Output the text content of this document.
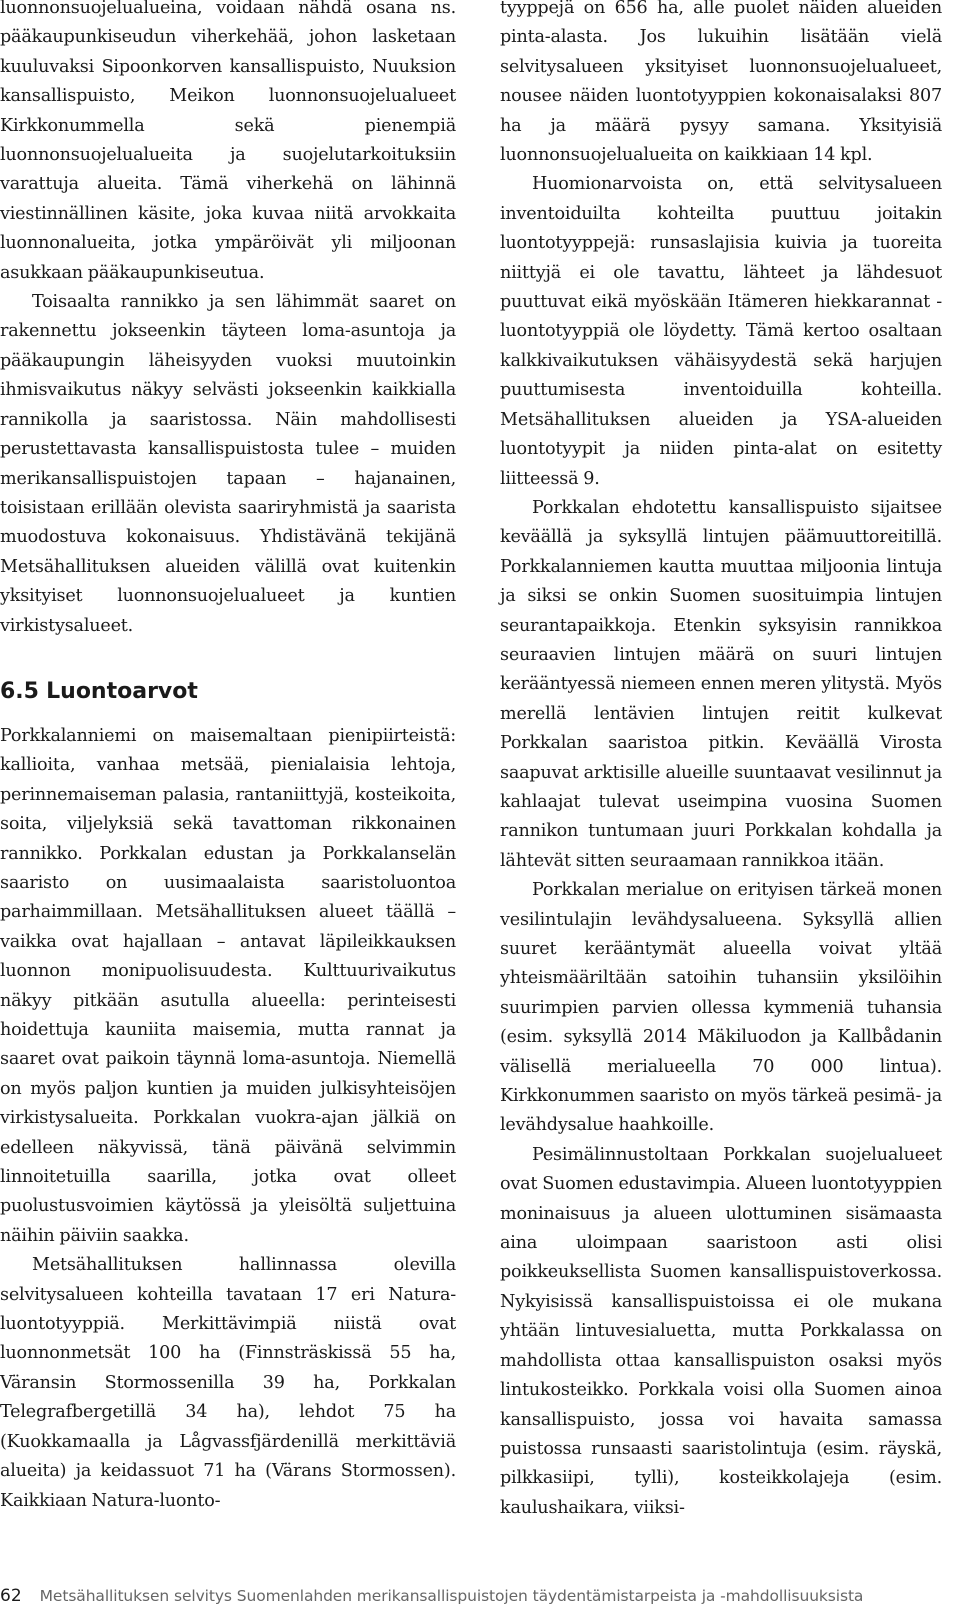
luonnonsuojelualueina, voidaan nähdä osana ns. pääkaupunkiseudun viherkehää, johon lasketaan kuuluvaksi Sipoonkorven kansallispuisto, Nuuksion kansallispuisto, Meikon luonnonsuojelualueet Kirkkonummella sekä pienempiä luonnonsuojelualueita ja suojelutarkoituksiin varattuja alueita. Tämä viherkehä on lähinnä viestinnällinen käsite, joka kuvaa niitä arvokkaita luonnonalueita, jotka ympäröivät yli miljoonan asukkaan pääkaupunkiseutua.

Toisaalta rannikko ja sen lähimmät saaret on rakennettu jokseenkin täyteen loma-asuntoja ja pääkaupungin läheisyyden vuoksi muutoinkin ihmisvaikutus näkyy selvästi jokseenkin kaikkialla rannikolla ja saaristossa. Näin mahdollisesti perustettavasta kansallispuistosta tulee – muiden merikansallispuistojen tapaan – hajanainen, toisistaan erillään olevista saariryhmistä ja saarista muodostuva kokonaisuus. Yhdistävänä tekijänä Metsähallituksen alueiden välillä ovat kuitenkin yksityiset luonnonsuojelualueet ja kuntien virkistysalueet.

6.5 Luontoarvot

Porkkalanniemi on maisemaltaan pienipiirteistä: kallioita, vanhaa metsää, pienialaisia lehtoja, perinnemaiseman palasia, rantaniittyjä, kosteikoita, soita, viljelyksiä sekä tavattoman rikkonainen rannikko. Porkkalan edustan ja Porkkalanselän saaristo on uusimaalaista saaristoluontoa parhaimmillaan. Metsähallituksen alueet täällä – vaikka ovat hajallaan – antavat läpileikkauksen luonnon monipuolisuudesta. Kulttuurivaikutus näkyy pitkään asutulla alueella: perinteisesti hoidettuja kauniita maisemia, mutta rannat ja saaret ovat paikoin täynnä loma-asuntoja. Niemellä on myös paljon kuntien ja muiden julkisyhteisöjen virkistysalueita. Porkkalan vuokra-ajan jälkiä on edelleen näkyvissä, tänä päivänä selvimmin linnoitetuilla saarilla, jotka ovat olleet puolustusvoimien käytössä ja yleisöltä suljettuina näihin päiviin saakka.

Metsähallituksen hallinnassa olevilla selvitysalueen kohteilla tavataan 17 eri Natura-luontotyyppiä. Merkittävimpiä niistä ovat luonnonmetsät 100 ha (Finnsträskissä 55 ha, Väransin Stormossenilla 39 ha, Porkkalan Telegrafbergetillä 34 ha), lehdot 75 ha (Kuokkamaalla ja Lågvassfjärdenillä merkittäviä alueita) ja keidassuot 71 ha (Värans Stormossen). Kaikkiaan Natura-luonto-

tyyppejä on 656 ha, alle puolet näiden alueiden pinta-alasta. Jos lukuihin lisätään vielä selvitysalueen yksityiset luonnonsuojelualueet, nousee näiden luontotyyppien kokonaisalaksi 807 ha ja määrä pysyy samana. Yksityisiä luonnonsuojelualueita on kaikkiaan 14 kpl.

Huomionarvoista on, että selvitysalueen inventoiduilta kohteilta puuttuu joitakin luontotyyppejä: runsaslajisia kuivia ja tuoreita niittyjä ei ole tavattu, lähteet ja lähdesuot puuttuvat eikä myöskään Itämeren hiekkarannat -luontotyyppiä ole löydetty. Tämä kertoo osaltaan kalkkivaikutuksen vähäisyydestä sekä harjujen puuttumisesta inventoiduilla kohteilla. Metsähallituksen alueiden ja YSA-alueiden luontotyypit ja niiden pinta-alat on esitetty liitteessä 9.

Porkkalan ehdotettu kansallispuisto sijaitsee keväällä ja syksyllä lintujen päämuuttoreitillä. Porkkalanniemen kautta muuttaa miljoonia lintuja ja siksi se onkin Suomen suosituimpia lintujen seurantapaikkoja. Etenkin syksyisin rannikkoa seuraavien lintujen määrä on suuri lintujen kerääntyessä niemeen ennen meren ylitystä. Myös merellä lentävien lintujen reitit kulkevat Porkkalan saaristoa pitkin. Keväällä Virosta saapuvat arktisille alueille suuntaavat vesilinnut ja kahlaajat tulevat useimpina vuosina Suomen rannikon tuntumaan juuri Porkkalan kohdalla ja lähtevät sitten seuraamaan rannikkoa itään.

Porkkalan merialue on erityisen tärkeä monen vesilintulajin levähdysalueena. Syksyllä allien suuret kerääntymät alueella voivat yltää yhteismääriltään satoihin tuhansiin yksilöihin suurimpien parvien ollessa kymmeniä tuhansia (esim. syksyllä 2014 Mäkiluodon ja Kallbådanin välisellä merialueella 70 000 lintua). Kirkkonummen saaristo on myös tärkeä pesimä- ja levähdysalue haahkoille.

Pesimälinnustoltaan Porkkalan suojelualueet ovat Suomen edustavimpia. Alueen luontotyyppien moninaisuus ja alueen ulottuminen sisämaasta aina uloimpaan saaristoon asti olisi poikkeuksellista Suomen kansallispuistoverkossa. Nykyisissä kansallispuistoissa ei ole mukana yhtään lintuvesialuetta, mutta Porkkalassa on mahdollista ottaa kansallispuiston osaksi myös lintukosteikko. Porkkala voisi olla Suomen ainoa kansallispuisto, jossa voi havaita samassa puistossa runsaasti saaristolintuja (esim. räyskä, pilkkasiipi, tylli), kosteikkolajeja (esim. kaulushaikara, viiksi-

62 Metsähallituksen selvitys Suomenlahden merikansallispuistojen täydentämistarpeista ja -mahdollisuuksista
